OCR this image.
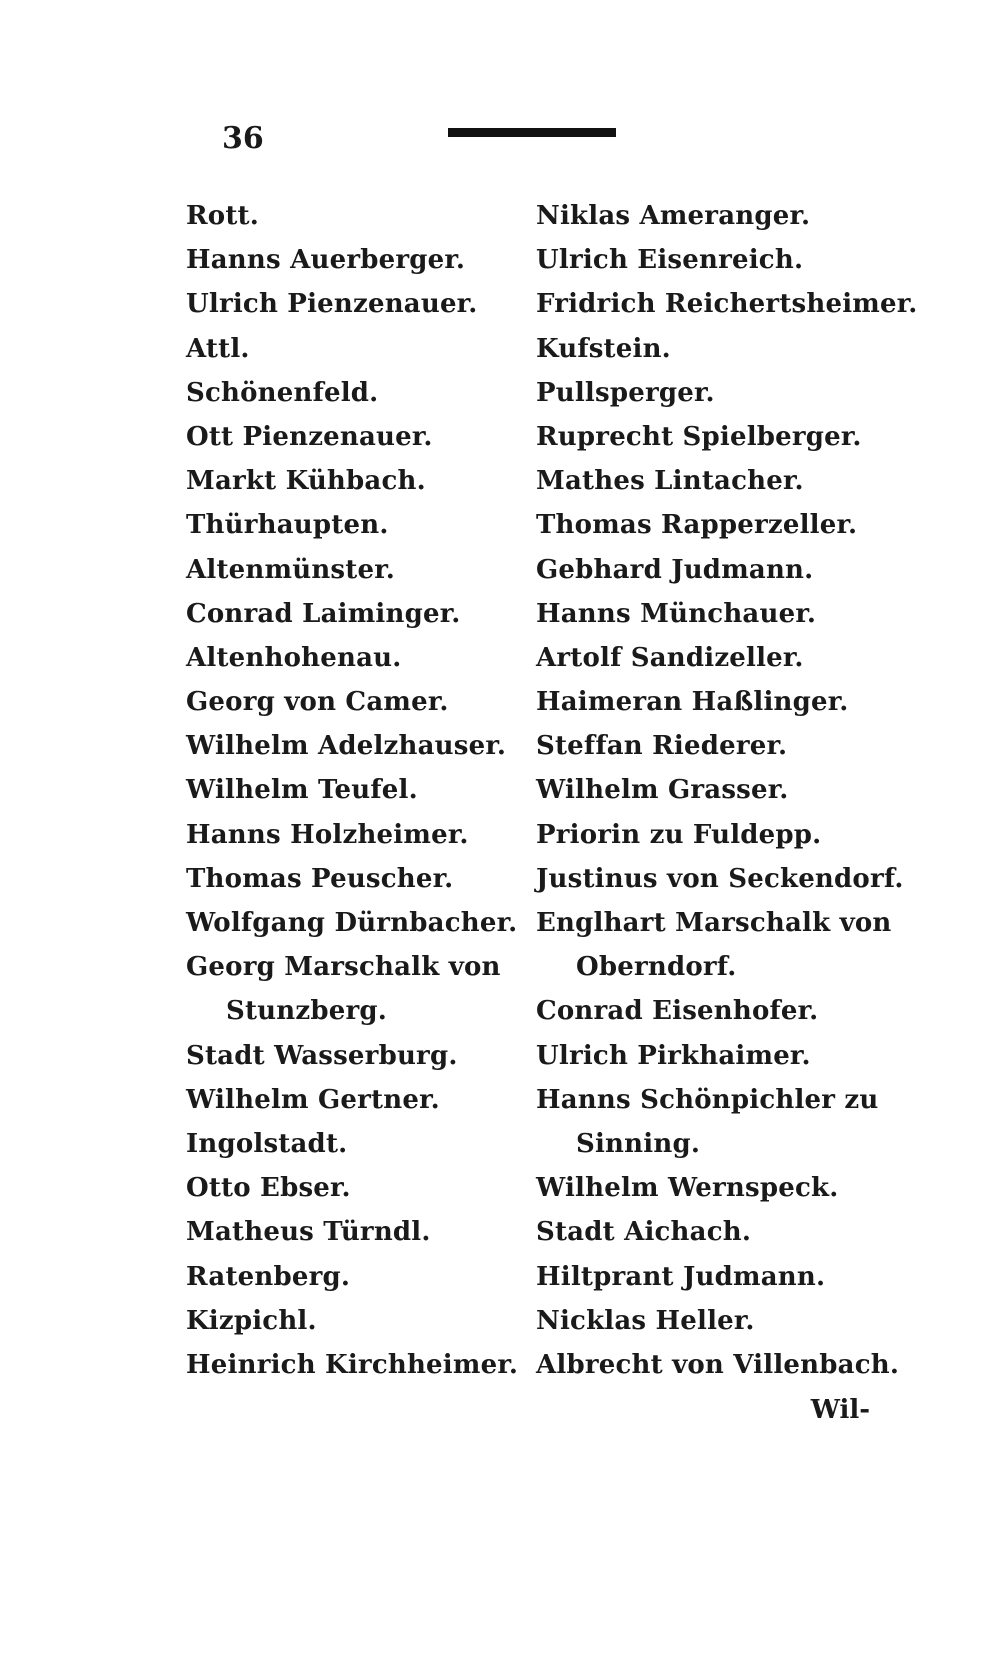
36
Rott.
Hanns Auerberger.
Ulrich Pienzenauer.
Attl.
Schönenfeld.
Ott Pienzenauer.
Markt Kühbach.
Thürhaupten.
Altenmünster.
Conrad Laiminger.
Altenhohenau.
Georg von Camer.
Wilhelm Adelzhauser.
Wilhelm Teufel.
Hanns Holzheimer.
Thomas Peuscher.
Wolfgang Dürnbacher.
Georg Marschalk von
Stunzberg.
Stadt Wasserburg.
Wilhelm Gertner.
Ingolstadt.
Otto Ebser.
Matheus Türndl.
Ratenberg.
Kizpichl.
Heinrich Kirchheimer.
Niklas Ameranger.
Ulrich Eisenreich.
Fridrich Reichertsheimer.
Kufstein.
Pullsperger.
Ruprecht Spielberger.
Mathes Lintacher.
Thomas Rapperzeller.
Gebhard Judmann.
Hanns Münchauer.
Artolf Sandizeller.
Haimeran Haßlinger.
Steffan Riederer.
Wilhelm Grasser.
Priorin zu Fuldepp.
Justinus von Seckendorf.
Englhart Marschalk von
Oberndorf.
Conrad Eisenhofer.
Ulrich Pirkhaimer.
Hanns Schönpichler zu
Sinning.
Wilhelm Wernspeck.
Stadt Aichach.
Hiltprant Judmann.
Nicklas Heller.
Albrecht von Villenbach.
Wil-
